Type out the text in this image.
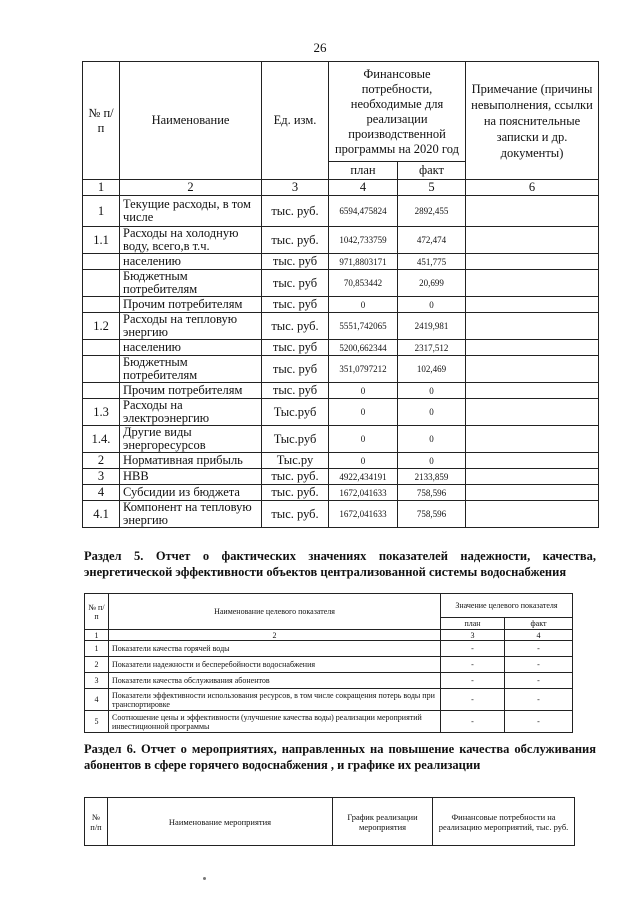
26
№ п/п	Наименование	Ед. изм.	Финансовые потребности, необходимые для реализации производственной программы на 2020 год		Примечание (причины невыполнения, ссылки на пояснительные записки и др. документы)
			план	факт	
1	2	3	4	5	6
1	Текущие расходы, в том числе	тыс. руб.	6594,475824	2892,455	
1.1	Расходы на холодную воду, всего,в т.ч.	тыс. руб.	1042,733759	472,474	
	населению	тыс. руб	971,8803171	451,775	
	Бюджетным потребителям	тыс. руб	70,853442	20,699	
	Прочим потребителям	тыс. руб	0	0	
1.2	Расходы на тепловую энергию	тыс. руб.	5551,742065	2419,981	
	населению	тыс. руб	5200,662344	2317,512	
	Бюджетным потребителям	тыс. руб	351,0797212	102,469	
	Прочим потребителям	тыс. руб	0	0	
1.3	Расходы на электроэнергию	Тыс.руб	0	0	
1.4.	Другие виды энергоресурсов	Тыс.руб	0	0	
2	Нормативная прибыль	Тыс.ру	0	0	
3	НВВ	тыс. руб.	4922,434191	2133,859	
4	Субсидии из бюджета	тыс. руб.	1672,041633	758,596	
4.1	Компонент на тепловую энергию	тыс. руб.	1672,041633	758,596	
Раздел 5. Отчет о фактических значениях показателей надежности, качества, энергетической эффективности объектов централизованной системы водоснабжения
№ п/п	Наименование целевого показателя	Значение целевого показателя	
		план	факт
1	2	3	4
1	Показатели качества горячей воды	-	-
2	Показатели надежности и бесперебойности водоснабжения	-	-
3	Показатели качества обслуживания абонентов	-	-
4	Показатели эффективности использования ресурсов, в том числе сокращения потерь воды при транспортировке	-	-
5	Соотношение цены и эффективности (улучшение качества воды) реализации мероприятий инвестиционной программы	-	-
Раздел 6. Отчет о мероприятиях, направленных на повышение качества обслуживания абонентов в сфере горячего водоснабжения , и графике их реализации
№ п/п	Наименование мероприятия	График реализации мероприятия	Финансовые потребности на реализацию мероприятий, тыс. руб.
